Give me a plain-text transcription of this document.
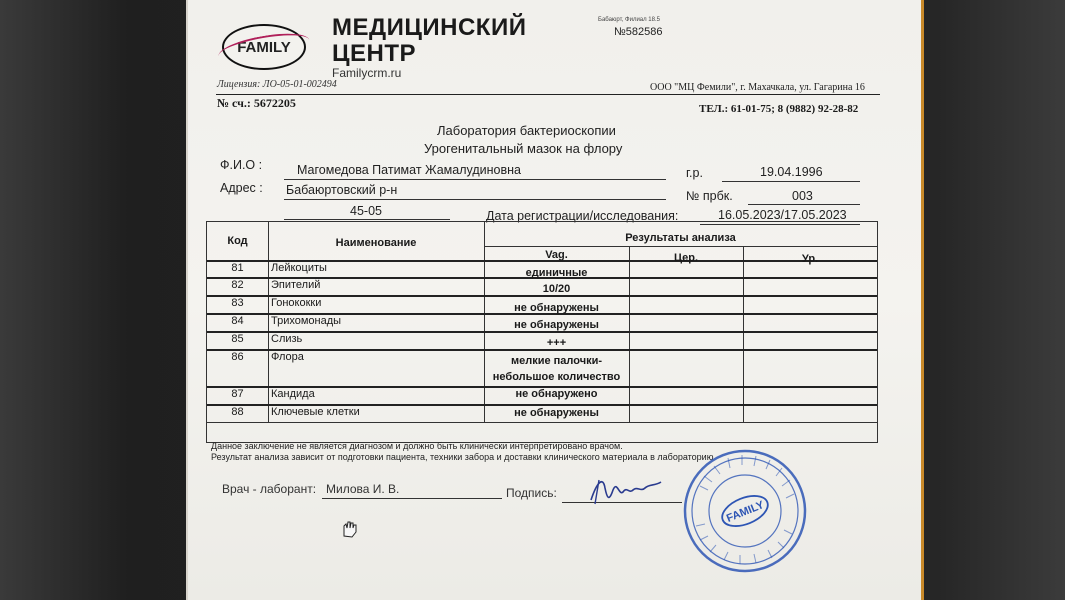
FAMILY
МЕДИЦИНСКИЙ
ЦЕНТР
Familycrm.ru
Бабаюрт, Филиал 18.5
№582586
Лицензия: ЛО-05-01-002494	ООО "МЦ Фемили", г. Махачкала, ул. Гагарина 16
№ сч.: 5672205	ТЕЛ.: 61-01-75; 8 (9882) 92-28-82
Лаборатория бактериоскопии
Урогенитальный мазок на флору
Ф.И.О :	Магомедова Патимат Жамалудиновна	г.р.	19.04.1996
Адрес : Бабаюртовский р-н	№ прбк.	003
45-05	Дата регистрации/исследования:	16.05.2023/17.05.2023
Код	Наименование	Результаты анализа
Vag.	Цер.	Ур.
81	Лейкоциты	единичные
82	Эпителий	10/20
83	Гонококки	не обнаружены
84	Трихомонады	не обнаружены
85	Слизь	+++
86	Флора	мелкие палочки-
небольшое количество
87	Кандида	не обнаружено
88	Ключевые клетки	не обнаружены
Данное заключение не является диагнозом и должно быть клинически интерпретировано врачом.
Результат анализа зависит от подготовки пациента, техники забора и доставки клинического материала в лабораторию
Врач - лаборант: Милова И. В.	Подпись:
FAMILY
